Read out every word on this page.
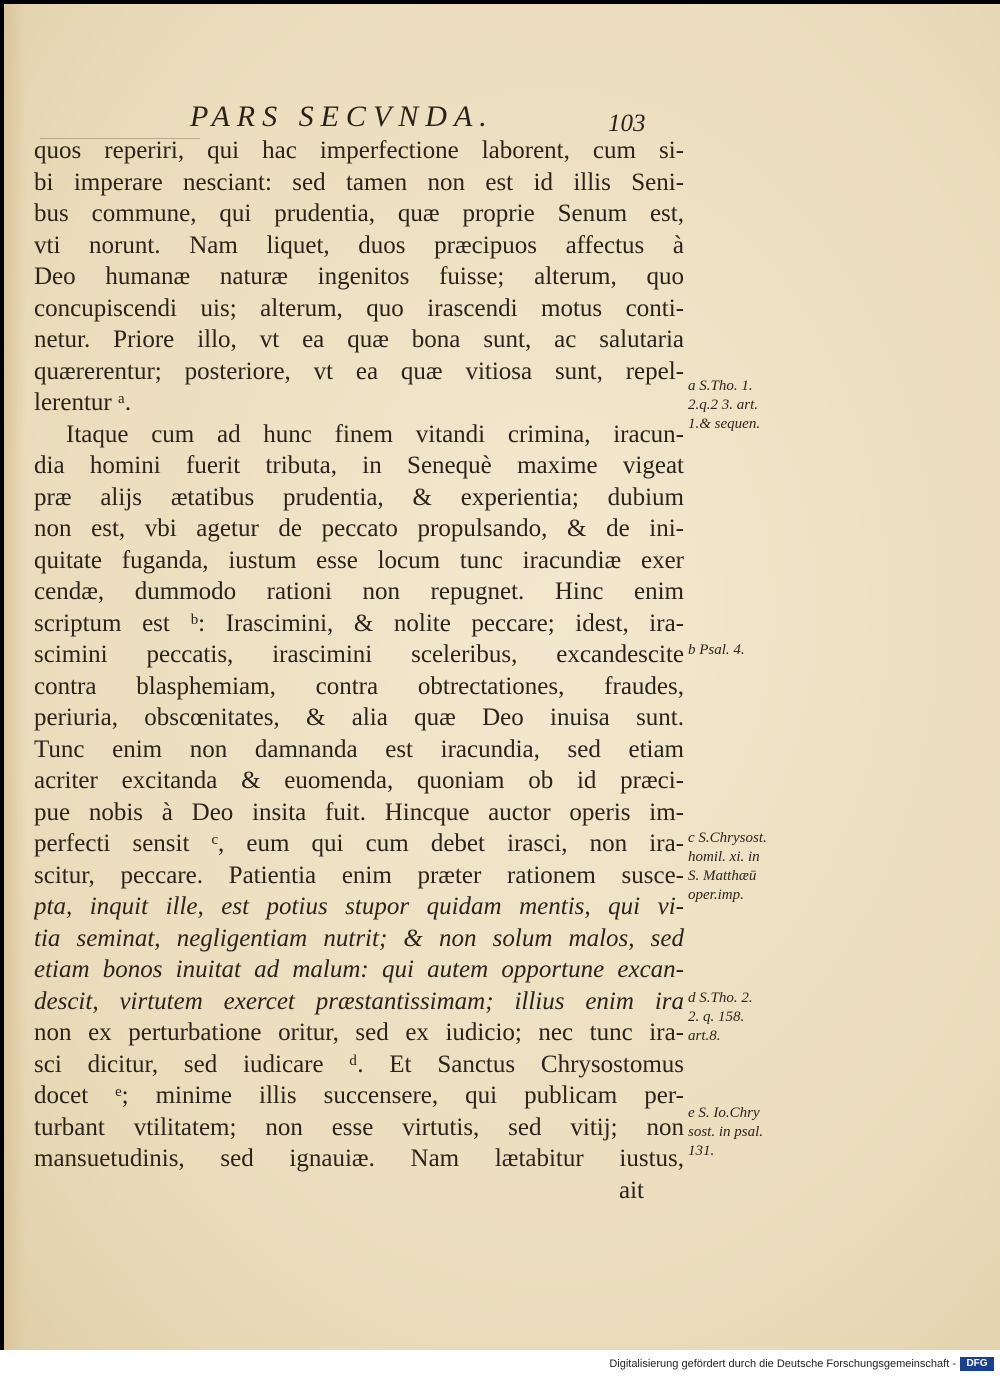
PARS SECVNDA.	103
quos reperiri, qui hac imperfectione laborent, cum si-
bi imperare nesciant: sed tamen non est id illis Seni-
bus commune, qui prudentia, quæ proprie Senum est,
vti norunt. Nam liquet, duos præcipuos affectus à
Deo humanæ naturæ ingenitos fuisse; alterum, quo
concupiscendi uis; alterum, quo irascendi motus conti-
netur. Priore illo, vt ea quæ bona sunt, ac salutaria
quærerentur; posteriore, vt ea quæ vitiosa sunt, repel-
lerentur ᵃ.
Itaque cum ad hunc finem vitandi crimina, iracun-
dia homini fuerit tributa, in Senequè maxime vigeat
præ alijs ætatibus prudentia, & experientia; dubium
non est, vbi agetur de peccato propulsando, & de ini-
quitate fuganda, iustum esse locum tunc iracundiæ exer
cendæ, dummodo rationi non repugnet. Hinc enim
scriptum est ᵇ: Irascimini, & nolite peccare; idest, ira-
scimini peccatis, irascimini sceleribus, excandescite
contra blasphemiam, contra obtrectationes, fraudes,
periuria, obscœnitates, & alia quæ Deo inuisa sunt.
Tunc enim non damnanda est iracundia, sed etiam
acriter excitanda & euomenda, quoniam ob id præci-
pue nobis à Deo insita fuit. Hincque auctor operis im-
perfecti sensit ᶜ, eum qui cum debet irasci, non ira-
scitur, peccare. Patientia enim præter rationem susce-
pta, inquit ille, est potius stupor quidam mentis, qui vi-
tia seminat, negligentiam nutrit; & non solum malos, sed
etiam bonos inuitat ad malum: qui autem opportune excan-
descit, virtutem exercet præstantissimam; illius enim ira
non ex perturbatione oritur, sed ex iudicio; nec tunc ira-
sci dicitur, sed iudicare ᵈ. Et Sanctus Chrysostomus
docet ᵉ; minime illis succensere, qui publicam per-
turbant vtilitatem; non esse virtutis, sed vitij; non
mansuetudinis, sed ignauiæ. Nam lætabitur iustus,
ait
a S.Tho. 1.
2.q.2 3. art.
1.& sequen.
b Psal. 4.
c S.Chrysost.
homil. xi. in
S. Matthæū
oper.imp.
d S.Tho. 2.
2. q. 158.
art.8.
e S. Io.Chry
sost. in psal.
131.
Digitalisierung gefördert durch die Deutsche Forschungsgemeinschaft -	DFG
